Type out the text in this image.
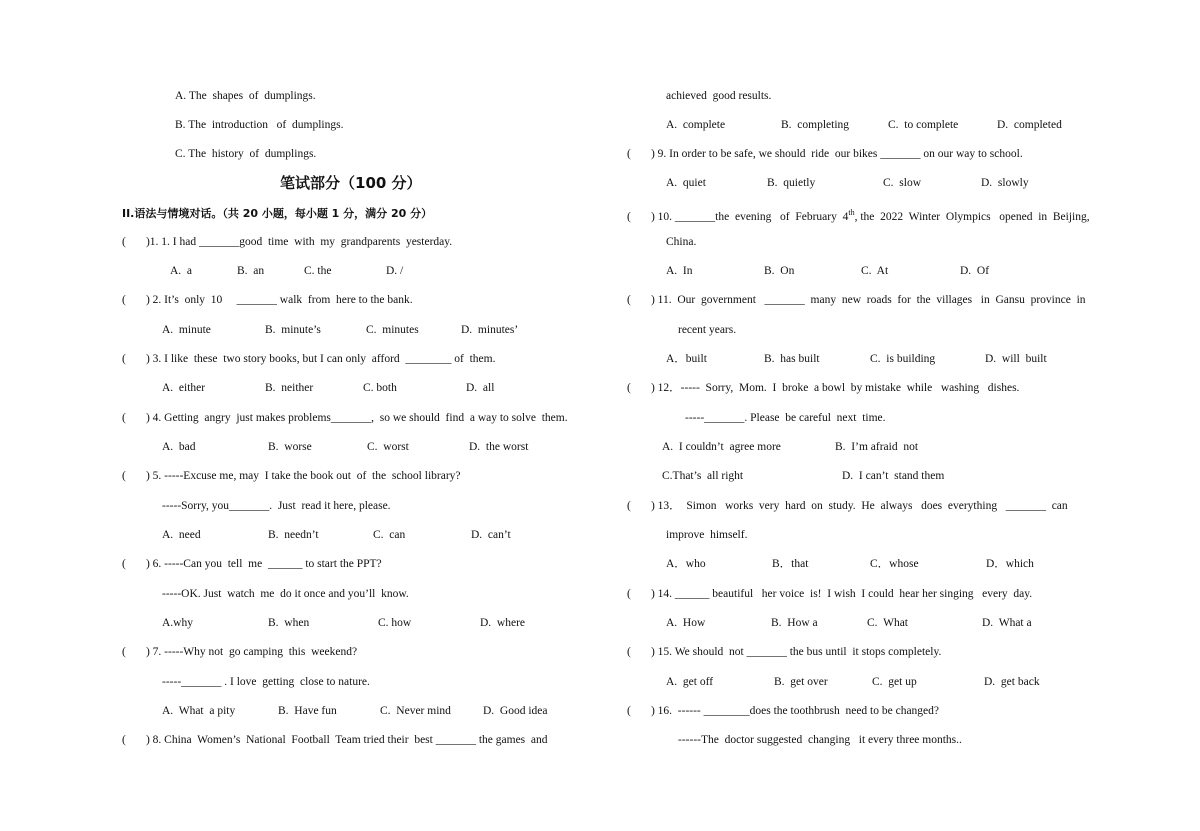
A. The  shapes  of  dumplings.
B. The  introduction   of  dumplings.
C. The  history  of  dumplings.
笔试部分（100 分）
II.语法与情境对话。（共 20 小题，每小题 1 分，满分 20 分）
(       )1. 1. I had _______good  time  with  my  grandparents  yesterday.
A.  a	B.  an	C. the	D. /
(       ) 2. It’s  only  10     _______ walk  from  here to the bank.
A.  minute	B.  minute’s	C.  minutes	D.  minutes’
(       ) 3. I like  these  two story books, but I can only  afford  ________ of  them.
A.  either	B.  neither	C. both	D.  all
(       ) 4. Getting  angry  just makes problems_______,  so we should  find  a way to solve  them.
A.  bad	B.  worse	C.  worst	D.  the worst
(       ) 5. -----Excuse me, may  I take the book out  of  the  school library?
-----Sorry, you_______.  Just  read it here, please.
A.  need	B.  needn’t	C.  can	D.  can’t
(       ) 6. -----Can you  tell  me  ______ to start the PPT?
-----OK. Just  watch  me  do it once and you’ll  know.
A.why	B.  when	C. how	D.  where
(       ) 7. -----Why not  go camping  this  weekend?
-----_______ . I love  getting  close to nature.
A.  What  a pity	B.  Have fun	C.  Never mind	D.  Good idea
(       ) 8. China  Women’s  National  Football  Team tried their  best _______ the games  and
achieved  good results.
A.  complete	B.  completing	C.  to complete	D.  completed
(       ) 9. In order to be safe, we should  ride  our bikes _______ on our way to school.
A.  quiet	B.  quietly	C.  slow	D.  slowly
(       ) 10. _______the  evening   of  February  4th, the  2022  Winter  Olympics   opened  in  Beijing,
China.
A.  In	B.  On	C.  At	D.  Of
(       ) 11.  Our  government   _______  many  new  roads  for  the  villages   in  Gansu  province  in
recent years.
A．built	B.  has built	C.  is building	D.  will  built
(       ) 12．-----  Sorry,  Mom.  I  broke  a bowl  by mistake  while   washing   dishes.
-----_______. Please  be careful  next  time.
A.  I couldn’t  agree more	B.  I’m afraid  not
C.That’s  all right	D.  I can’t  stand them
(       ) 13．  Simon   works  very  hard  on  study.  He  always   does  everything   _______  can
improve  himself.
A．who	B．that	C．whose	D．which
(       ) 14. ______ beautiful   her voice  is!  I wish  I could  hear her singing   every  day.
A.  How	B.  How a	C.  What	D.  What a
(       ) 15. We should  not _______ the bus until  it stops completely.
A.  get off	B.  get over	C.  get up	D.  get back
(       ) 16.  ------ ________does the toothbrush  need to be changed?
------The  doctor suggested  changing   it every three months..
